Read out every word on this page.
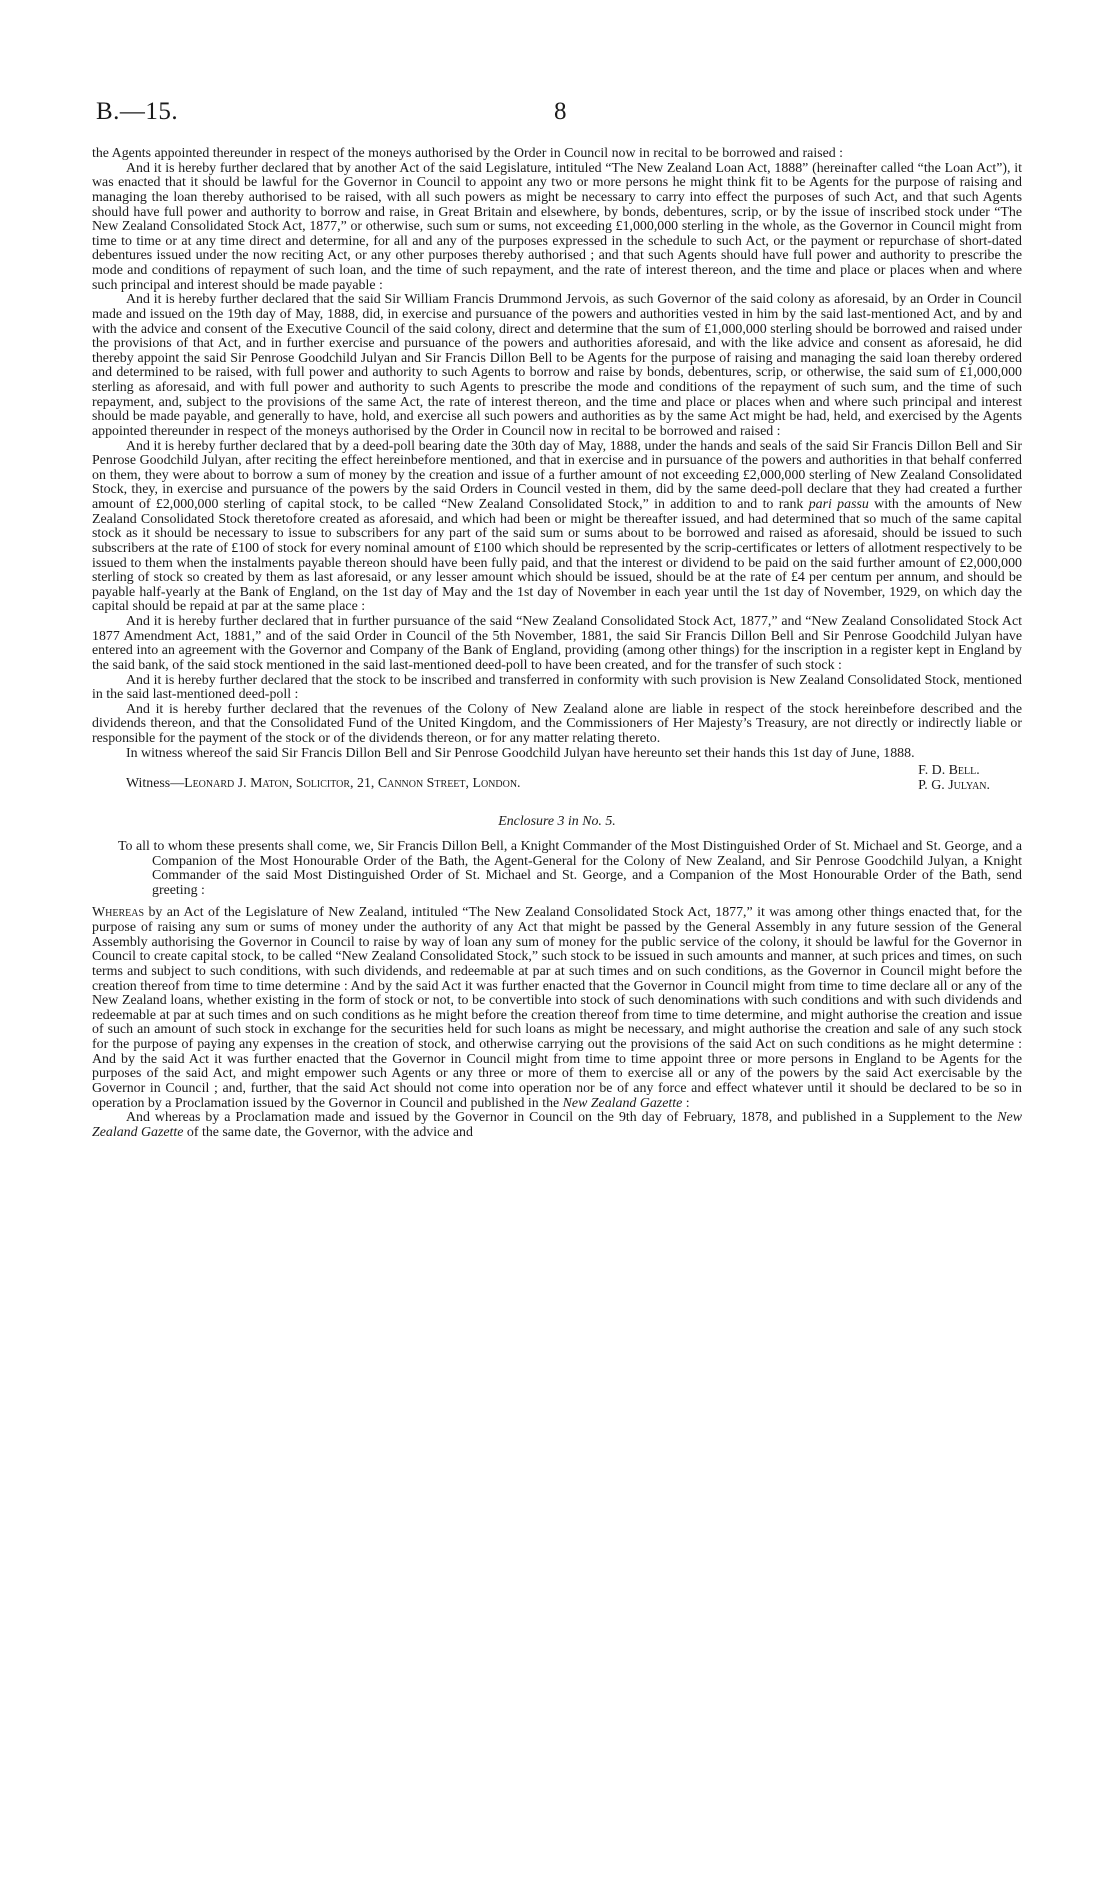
B.—15.	8

the Agents appointed thereunder in respect of the moneys authorised by the Order in Council now in recital to be borrowed and raised :

And it is hereby further declared that by another Act of the said Legislature, intituled “The New Zealand Loan Act, 1888” (hereinafter called “the Loan Act”), it was enacted that it should be lawful for the Governor in Council to appoint any two or more persons he might think fit to be Agents for the purpose of raising and managing the loan thereby authorised to be raised, with all such powers as might be necessary to carry into effect the purposes of such Act, and that such Agents should have full power and authority to borrow and raise, in Great Britain and elsewhere, by bonds, debentures, scrip, or by the issue of inscribed stock under “The New Zealand Consolidated Stock Act, 1877,” or otherwise, such sum or sums, not exceeding £1,000,000 sterling in the whole, as the Governor in Council might from time to time or at any time direct and determine, for all and any of the purposes expressed in the schedule to such Act, or the payment or repurchase of short-dated debentures issued under the now reciting Act, or any other purposes thereby authorised ; and that such Agents should have full power and authority to prescribe the mode and conditions of repayment of such loan, and the time of such repayment, and the rate of interest thereon, and the time and place or places when and where such principal and interest should be made payable :

And it is hereby further declared that the said Sir William Francis Drummond Jervois, as such Governor of the said colony as aforesaid, by an Order in Council made and issued on the 19th day of May, 1888, did, in exercise and pursuance of the powers and authorities vested in him by the said last-mentioned Act, and by and with the advice and consent of the Executive Council of the said colony, direct and determine that the sum of £1,000,000 sterling should be borrowed and raised under the provisions of that Act, and in further exercise and pursuance of the powers and authorities aforesaid, and with the like advice and consent as aforesaid, he did thereby appoint the said Sir Penrose Goodchild Julyan and Sir Francis Dillon Bell to be Agents for the purpose of raising and managing the said loan thereby ordered and determined to be raised, with full power and authority to such Agents to borrow and raise by bonds, debentures, scrip, or otherwise, the said sum of £1,000,000 sterling as aforesaid, and with full power and authority to such Agents to prescribe the mode and conditions of the repayment of such sum, and the time of such repayment, and, subject to the provisions of the same Act, the rate of interest thereon, and the time and place or places when and where such principal and interest should be made payable, and generally to have, hold, and exercise all such powers and authorities as by the same Act might be had, held, and exercised by the Agents appointed thereunder in respect of the moneys authorised by the Order in Council now in recital to be borrowed and raised :

And it is hereby further declared that by a deed-poll bearing date the 30th day of May, 1888, under the hands and seals of the said Sir Francis Dillon Bell and Sir Penrose Goodchild Julyan, after reciting the effect hereinbefore mentioned, and that in exercise and in pursuance of the powers and authorities in that behalf conferred on them, they were about to borrow a sum of money by the creation and issue of a further amount of not exceeding £2,000,000 sterling of New Zealand Consolidated Stock, they, in exercise and pursuance of the powers by the said Orders in Council vested in them, did by the same deed-poll declare that they had created a further amount of £2,000,000 sterling of capital stock, to be called “New Zealand Consolidated Stock,” in addition to and to rank pari passu with the amounts of New Zealand Consolidated Stock theretofore created as aforesaid, and which had been or might be thereafter issued, and had determined that so much of the same capital stock as it should be necessary to issue to subscribers for any part of the said sum or sums about to be borrowed and raised as aforesaid, should be issued to such subscribers at the rate of £100 of stock for every nominal amount of £100 which should be represented by the scrip-certificates or letters of allotment respectively to be issued to them when the instalments payable thereon should have been fully paid, and that the interest or dividend to be paid on the said further amount of £2,000,000 sterling of stock so created by them as last aforesaid, or any lesser amount which should be issued, should be at the rate of £4 per centum per annum, and should be payable half-yearly at the Bank of England, on the 1st day of May and the 1st day of November in each year until the 1st day of November, 1929, on which day the capital should be repaid at par at the same place :

And it is hereby further declared that in further pursuance of the said “New Zealand Consolidated Stock Act, 1877,” and “New Zealand Consolidated Stock Act 1877 Amendment Act, 1881,” and of the said Order in Council of the 5th November, 1881, the said Sir Francis Dillon Bell and Sir Penrose Goodchild Julyan have entered into an agreement with the Governor and Company of the Bank of England, providing (among other things) for the inscription in a register kept in England by the said bank, of the said stock mentioned in the said last-mentioned deed-poll to have been created, and for the transfer of such stock :

And it is hereby further declared that the stock to be inscribed and transferred in conformity with such provision is New Zealand Consolidated Stock, mentioned in the said last-mentioned deed-poll :

And it is hereby further declared that the revenues of the Colony of New Zealand alone are liable in respect of the stock hereinbefore described and the dividends thereon, and that the Consolidated Fund of the United Kingdom, and the Commissioners of Her Majesty’s Treasury, are not directly or indirectly liable or responsible for the payment of the stock or of the dividends thereon, or for any matter relating thereto.

In witness whereof the said Sir Francis Dillon Bell and Sir Penrose Goodchild Julyan have hereunto set their hands this 1st day of June, 1888.

F. D. Bell.
P. G. Julyan.
Witness—Leonard J. Maton, Solicitor, 21, Cannon Street, London.
Enclosure 3 in No. 5.

To all to whom these presents shall come, we, Sir Francis Dillon Bell, a Knight Commander of the Most Distinguished Order of St. Michael and St. George, and a Companion of the Most Honourable Order of the Bath, the Agent-General for the Colony of New Zealand, and Sir Penrose Goodchild Julyan, a Knight Commander of the said Most Distinguished Order of St. Michael and St. George, and a Companion of the Most Honourable Order of the Bath, send greeting :

Whereas by an Act of the Legislature of New Zealand, intituled “The New Zealand Consolidated Stock Act, 1877,” it was among other things enacted that, for the purpose of raising any sum or sums of money under the authority of any Act that might be passed by the General Assembly in any future session of the General Assembly authorising the Governor in Council to raise by way of loan any sum of money for the public service of the colony, it should be lawful for the Governor in Council to create capital stock, to be called “New Zealand Consolidated Stock,” such stock to be issued in such amounts and manner, at such prices and times, on such terms and subject to such conditions, with such dividends, and redeemable at par at such times and on such conditions, as the Governor in Council might before the creation thereof from time to time determine : And by the said Act it was further enacted that the Governor in Council might from time to time declare all or any of the New Zealand loans, whether existing in the form of stock or not, to be convertible into stock of such denominations with such conditions and with such dividends and redeemable at par at such times and on such conditions as he might before the creation thereof from time to time determine, and might authorise the creation and issue of such an amount of such stock in exchange for the securities held for such loans as might be necessary, and might authorise the creation and sale of any such stock for the purpose of paying any expenses in the creation of stock, and otherwise carrying out the provisions of the said Act on such conditions as he might determine : And by the said Act it was further enacted that the Governor in Council might from time to time appoint three or more persons in England to be Agents for the purposes of the said Act, and might empower such Agents or any three or more of them to exercise all or any of the powers by the said Act exercisable by the Governor in Council ; and, further, that the said Act should not come into operation nor be of any force and effect whatever until it should be declared to be so in operation by a Proclamation issued by the Governor in Council and published in the New Zealand Gazette :

And whereas by a Proclamation made and issued by the Governor in Council on the 9th day of February, 1878, and published in a Supplement to the New Zealand Gazette of the same date, the Governor, with the advice and
